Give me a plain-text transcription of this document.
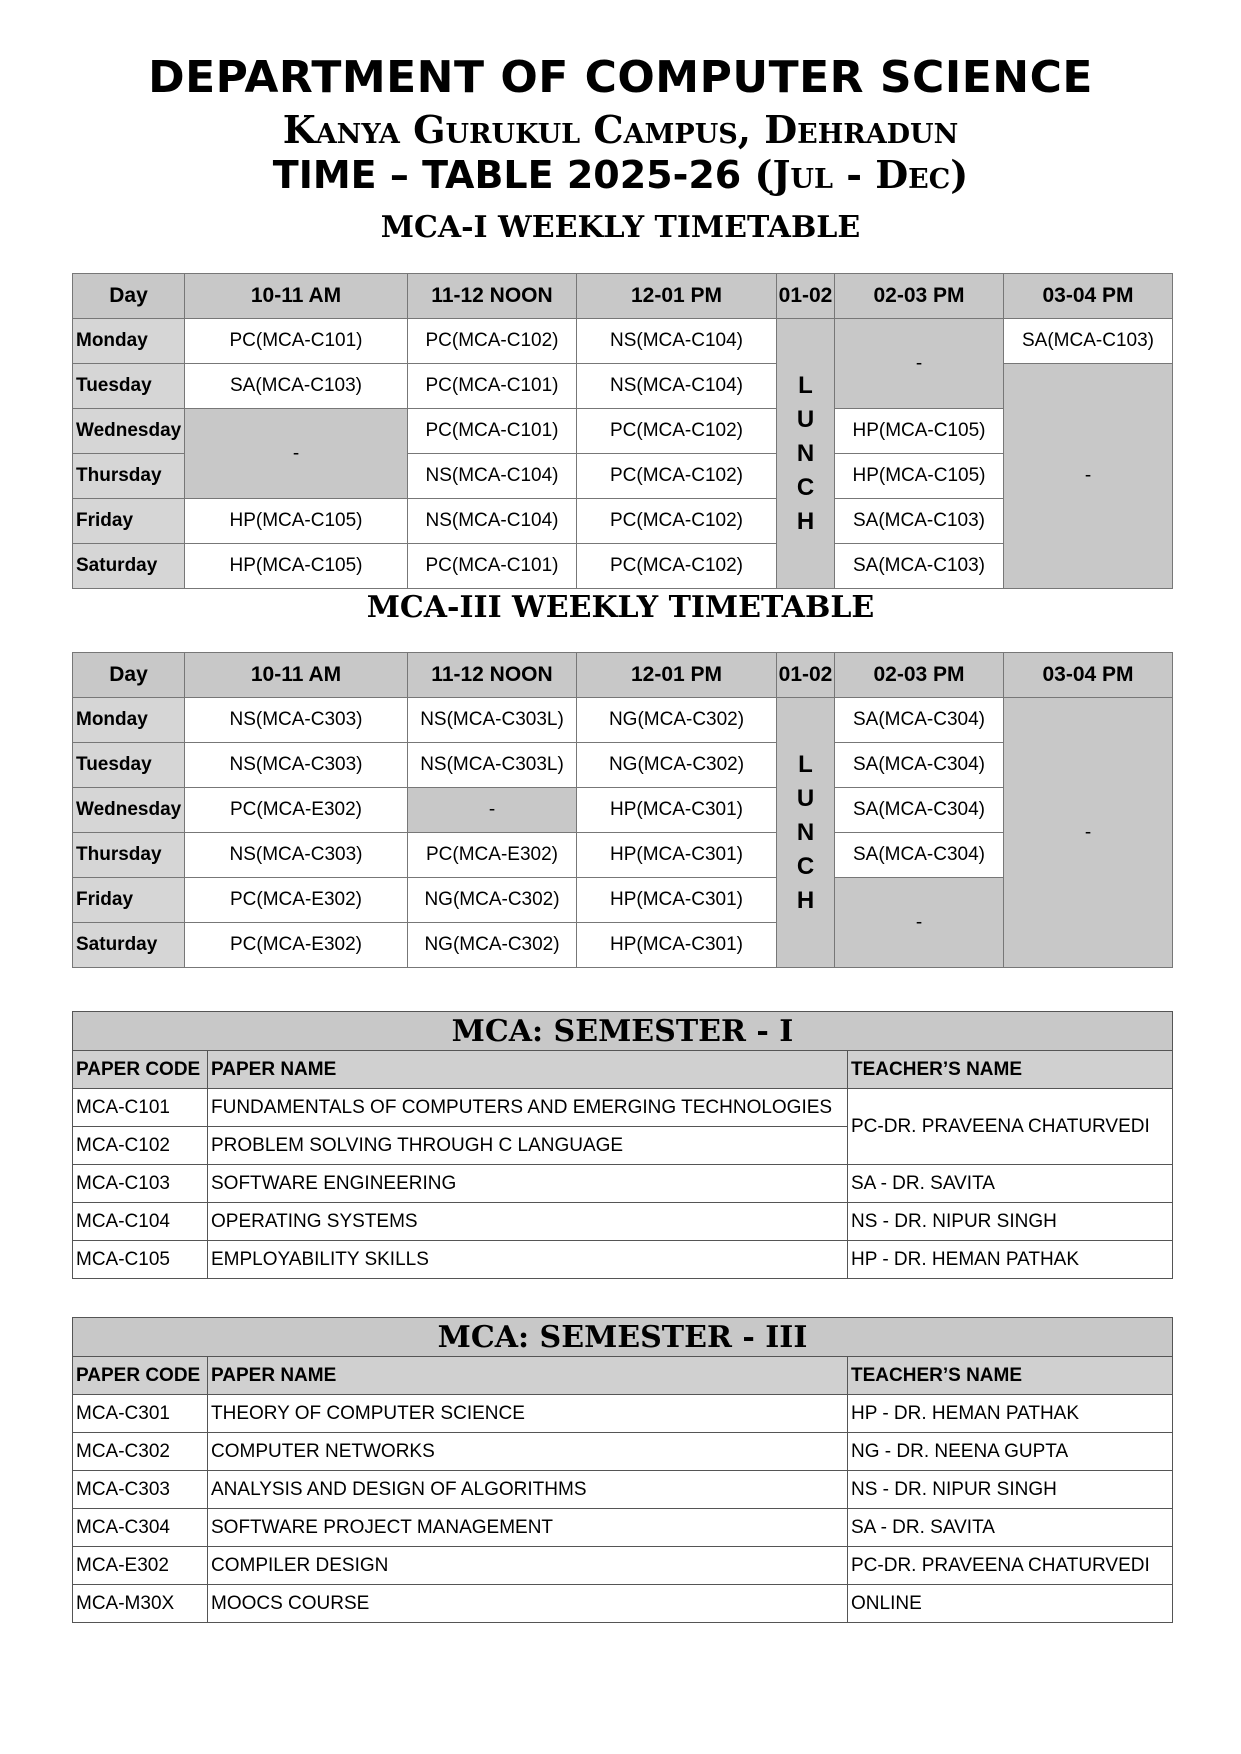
DEPARTMENT OF COMPUTER SCIENCE
Kanya Gurukul Campus, Dehradun
TIME – TABLE 2025-26 (Jul - Dec)
MCA-I WEEKLY TIMETABLE
Day	10-11 AM	11-12 NOON	12-01 PM	01-02	02-03 PM	03-04 PM
Monday	PC(MCA-C101)	PC(MCA-C102)	NS(MCA-C104)	L
U
N
C
H	-	SA(MCA-C103)
Tuesday	SA(MCA-C103)	PC(MCA-C101)	NS(MCA-C104)			-
Wednesday	-	PC(MCA-C101)	PC(MCA-C102)		HP(MCA-C105)	
Thursday		NS(MCA-C104)	PC(MCA-C102)		HP(MCA-C105)	
Friday	HP(MCA-C105)	NS(MCA-C104)	PC(MCA-C102)		SA(MCA-C103)	
Saturday	HP(MCA-C105)	PC(MCA-C101)	PC(MCA-C102)		SA(MCA-C103)	
MCA-III WEEKLY TIMETABLE
Day	10-11 AM	11-12 NOON	12-01 PM	01-02	02-03 PM	03-04 PM
Monday	NS(MCA-C303)	NS(MCA-C303L)	NG(MCA-C302)	L
U
N
C
H	SA(MCA-C304)	-
Tuesday	NS(MCA-C303)	NS(MCA-C303L)	NG(MCA-C302)		SA(MCA-C304)	
Wednesday	PC(MCA-E302)	-	HP(MCA-C301)		SA(MCA-C304)	
Thursday	NS(MCA-C303)	PC(MCA-E302)	HP(MCA-C301)		SA(MCA-C304)	
Friday	PC(MCA-E302)	NG(MCA-C302)	HP(MCA-C301)		-	
Saturday	PC(MCA-E302)	NG(MCA-C302)	HP(MCA-C301)			
MCA: SEMESTER - I		
PAPER CODE	PAPER NAME	TEACHER’S NAME
MCA-C101	FUNDAMENTALS OF COMPUTERS AND EMERGING TECHNOLOGIES	PC-DR. PRAVEENA CHATURVEDI
MCA-C102	PROBLEM SOLVING THROUGH C LANGUAGE	
MCA-C103	SOFTWARE ENGINEERING	SA - DR. SAVITA
MCA-C104	OPERATING SYSTEMS	NS - DR. NIPUR SINGH
MCA-C105	EMPLOYABILITY SKILLS	HP - DR. HEMAN PATHAK
MCA: SEMESTER - III		
PAPER CODE	PAPER NAME	TEACHER’S NAME
MCA-C301	THEORY OF COMPUTER SCIENCE	HP - DR. HEMAN PATHAK
MCA-C302	COMPUTER NETWORKS	NG - DR. NEENA GUPTA
MCA-C303	ANALYSIS AND DESIGN OF ALGORITHMS	NS - DR. NIPUR SINGH
MCA-C304	SOFTWARE PROJECT MANAGEMENT	SA - DR. SAVITA
MCA-E302	COMPILER DESIGN	PC-DR. PRAVEENA CHATURVEDI
MCA-M30X	MOOCS COURSE	ONLINE
